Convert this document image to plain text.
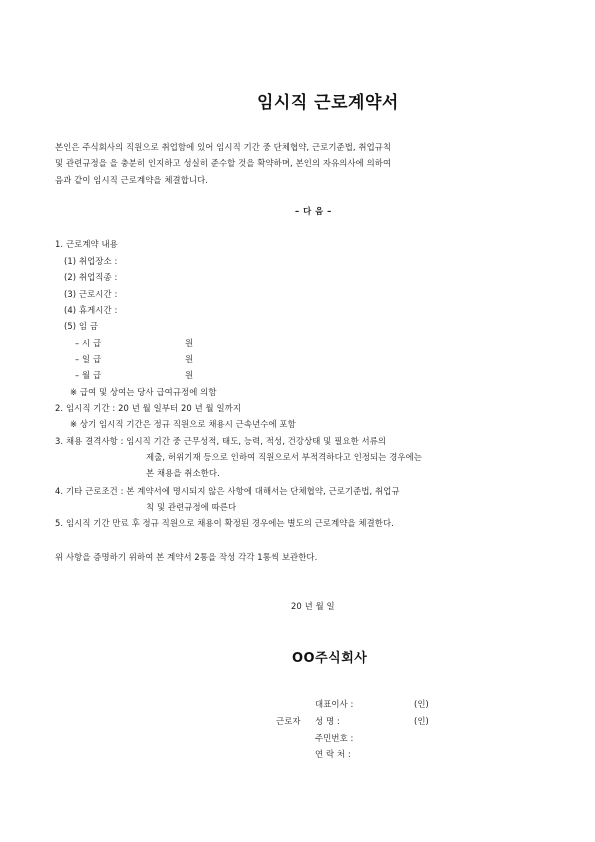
임시직 근로계약서
본인은 주식회사의 직원으로 취업함에 있어 임시직 기간 중 단체협약, 근로기준법, 취업규칙
및 관련규정을 을 충분히 인지하고 성실히 준수할 것을 확약하며, 본인의 자유의사에 의하여
음과 같이 임시직 근로계약을 체결합니다.
– 다 음 –
1. 근로계약 내용
(1) 취업장소 :
(2) 취업직종 :
(3) 근로시간 :
(4) 휴게시간 :
(5) 임 금
– 시 급	원
– 일 급	원
– 월 급	원
※ 급여 및 상여는 당사 급여규정에 의함
2. 임시직 기간 : 20 년 월 일부터 20 년 월 일까지
※ 상기 임시직 기간은 정규 직원으로 채용시 근속년수에 포함
3. 채용 결격사항 : 임시직 기간 중 근무성적, 태도, 능력, 적성, 건강상태 및 필요한 서류의
제출, 허위기재 등으로 인하여 직원으로서 부적격하다고 인정되는 경우에는
본 채용을 취소한다.
4. 기타 근로조건 : 본 계약서에 명시되지 않은 사항에 대해서는 단체협약, 근로기준법, 취업규
칙 및 관련규정에 따른다
5. 임시직 기간 만료 후 정규 직원으로 채용이 확정된 경우에는 별도의 근로계약을 체결한다.
위 사항을 증명하기 위하여 본 계약서 2통을 작성 각각 1통씩 보관한다.
20 년 월 일
OO주식회사
대표이사 :	(인)
근로자 성 명 :	(인)
주민번호 :
연 락 처 :
